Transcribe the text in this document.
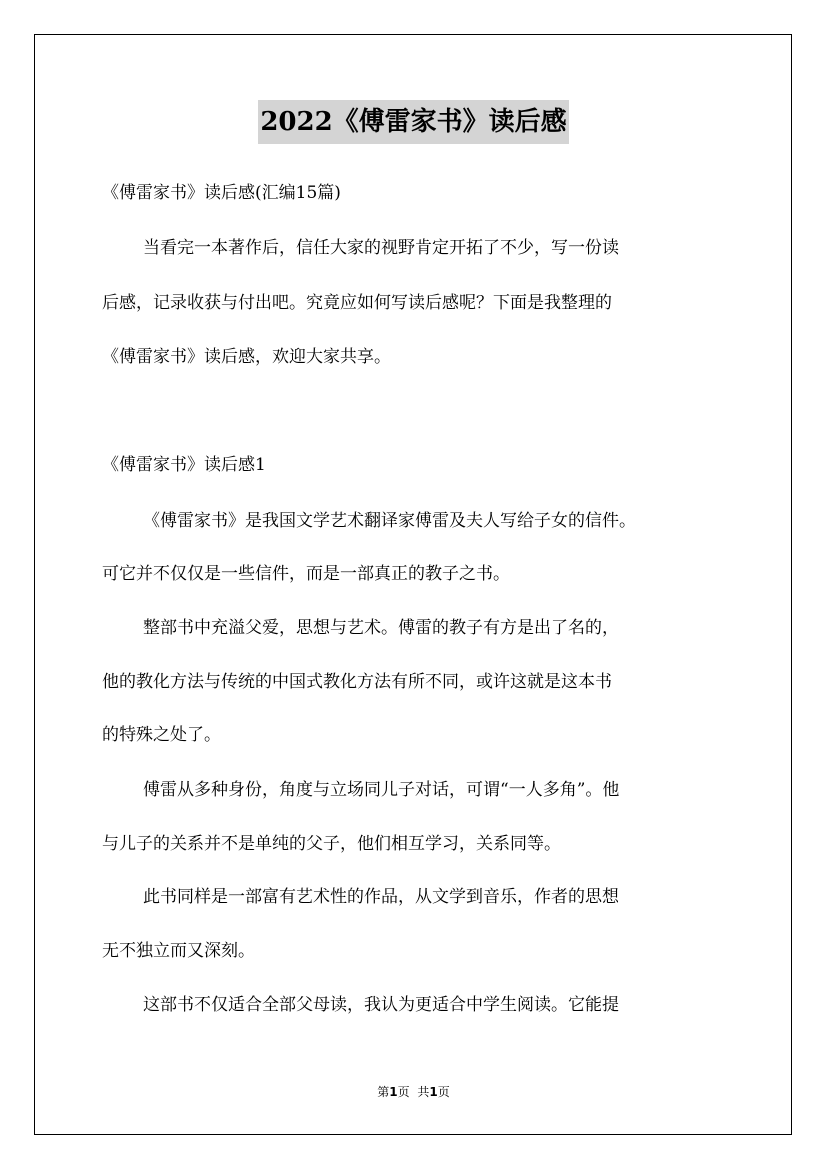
2022《傅雷家书》读后感
《傅雷家书》读后感(汇编15篇)
当看完一本著作后，信任大家的视野肯定开拓了不少，写一份读
后感，记录收获与付出吧。究竟应如何写读后感呢？下面是我整理的
《傅雷家书》读后感，欢迎大家共享。
《傅雷家书》读后感1
《傅雷家书》是我国文学艺术翻译家傅雷及夫人写给子女的信件。
可它并不仅仅是一些信件，而是一部真正的教子之书。
整部书中充溢父爱，思想与艺术。傅雷的教子有方是出了名的，
他的教化方法与传统的中国式教化方法有所不同，或许这就是这本书
的特殊之处了。
傅雷从多种身份，角度与立场同儿子对话，可谓“一人多角”。他
与儿子的关系并不是单纯的父子，他们相互学习，关系同等。
此书同样是一部富有艺术性的作品，从文学到音乐，作者的思想
无不独立而又深刻。
这部书不仅适合全部父母读，我认为更适合中学生阅读。它能提
第1页 共1页
